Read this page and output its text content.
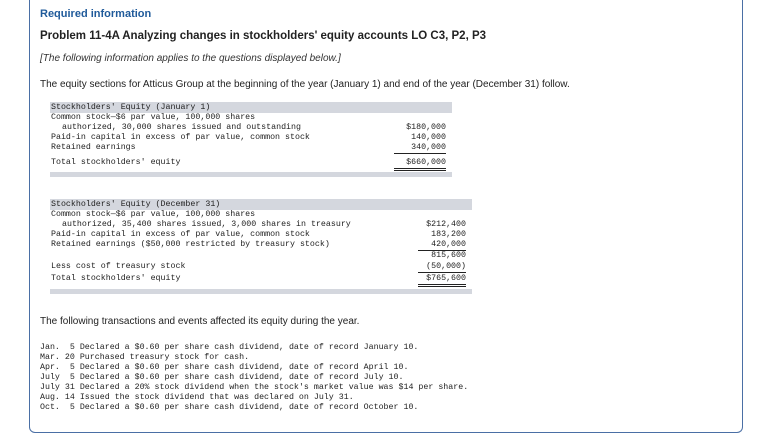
Required information
Problem 11-4A Analyzing changes in stockholders' equity accounts LO C3, P2, P3
[The following information applies to the questions displayed below.]
The equity sections for Atticus Group at the beginning of the year (January 1) and end of the year (December 31) follow.
Stockholders' Equity (January 1)
Common stock—$6 par value, 100,000 shares
authorized, 30,000 shares issued and outstanding	$180,000
Paid-in capital in excess of par value, common stock	140,000
Retained earnings	340,000
Total stockholders' equity	$660,000
Stockholders' Equity (December 31)
Common stock—$6 par value, 100,000 shares
authorized, 35,400 shares issued, 3,000 shares in treasury	$212,400
Paid-in capital in excess of par value, common stock	183,200
Retained earnings ($50,000 restricted by treasury stock)	420,000
815,600
Less cost of treasury stock	(50,000)
Total stockholders' equity	$765,600
The following transactions and events affected its equity during the year.
Jan.  5 Declared a $0.60 per share cash dividend, date of record January 10.
Mar. 20 Purchased treasury stock for cash.
Apr.  5 Declared a $0.60 per share cash dividend, date of record April 10.
July  5 Declared a $0.60 per share cash dividend, date of record July 10.
July 31 Declared a 20% stock dividend when the stock's market value was $14 per share.
Aug. 14 Issued the stock dividend that was declared on July 31.
Oct.  5 Declared a $0.60 per share cash dividend, date of record October 10.
